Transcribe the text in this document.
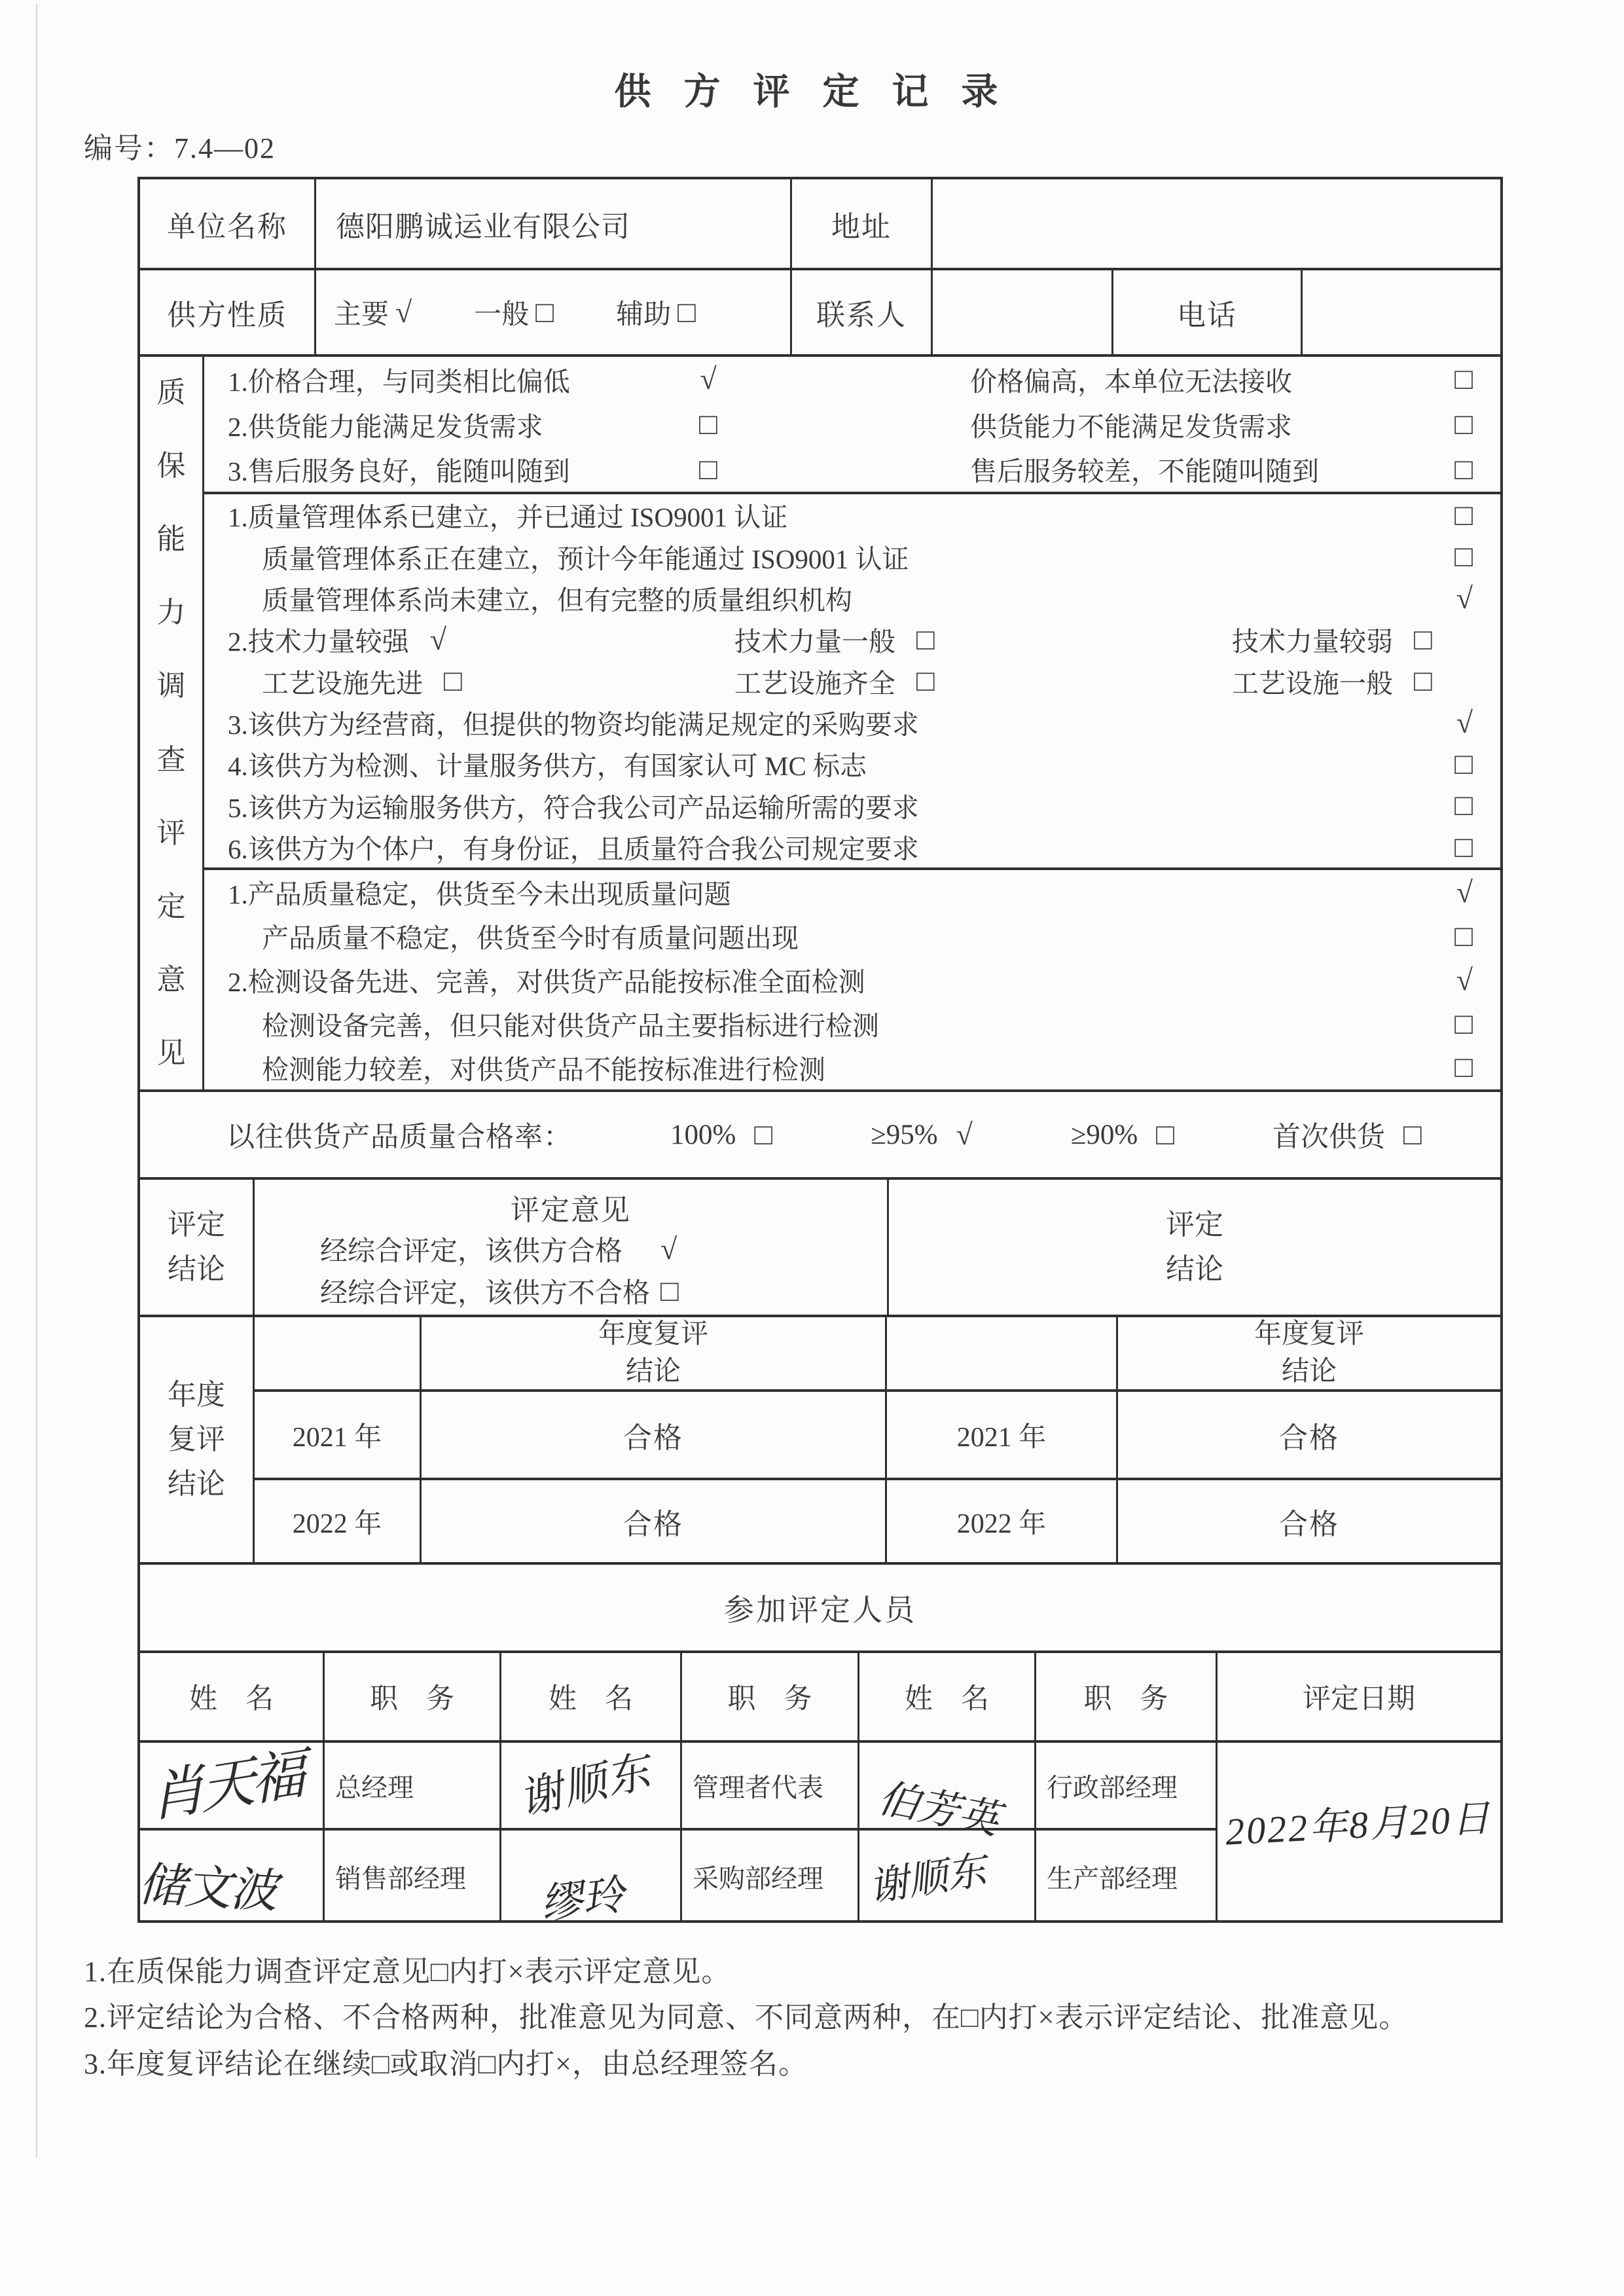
供 方 评 定 记 录
编号：7.4—02
单位名称	德阳鹏诚运业有限公司	地址
供方性质	主要 √ 一般 □ 辅助 □	联系人	电话
质保能力调查评定意见
1.价格合理，与同类相比偏低	√	价格偏高，本单位无法接收	□
2.供货能力能满足发货需求	□	供货能力不能满足发货需求	□
3.售后服务良好，能随叫随到	□	售后服务较差，不能随叫随到	□
1.质量管理体系已建立，并已通过 ISO9001 认证	□
质量管理体系正在建立，预计今年能通过 ISO9001 认证	□
质量管理体系尚未建立，但有完整的质量组织机构	√
2.技术力量较强 √	技术力量一般 □	技术力量较弱 □
工艺设施先进 □	工艺设施齐全 □	工艺设施一般 □
3.该供方为经营商，但提供的物资均能满足规定的采购要求	√
4.该供方为检测、计量服务供方，有国家认可 MC 标志	□
5.该供方为运输服务供方，符合我公司产品运输所需的要求	□
6.该供方为个体户，有身份证，且质量符合我公司规定要求	□
1.产品质量稳定，供货至今未出现质量问题	√
产品质量不稳定，供货至今时有质量问题出现	□
2.检测设备先进、完善，对供货产品能按标准全面检测	√
检测设备完善，但只能对供货产品主要指标进行检测	□
检测能力较差，对供货产品不能按标准进行检测	□
以往供货产品质量合格率：	100% □	≥95% √	≥90% □	首次供货 □
评定结论
评定意见
经综合评定，该供方合格	√
经综合评定，该供方不合格 □
评定结论
年度复评结论
年度复评结论
年度复评结论
2021 年	合格	2021 年	合格
2022 年	合格	2022 年	合格
参加评定人员
姓　名	职　务	姓　名	职　务	姓　名	职　务	评定日期
肖天福	总经理	谢顺东	管理者代表	伯芳英	行政部经理
储文波	销售部经理	缪玲	采购部经理	谢顺东	生产部经理
2022年8月20日
1.在质保能力调查评定意见□内打×表示评定意见。
2.评定结论为合格、不合格两种，批准意见为同意、不同意两种，在□内打×表示评定结论、批准意见。
3.年度复评结论在继续□或取消□内打×，由总经理签名。
